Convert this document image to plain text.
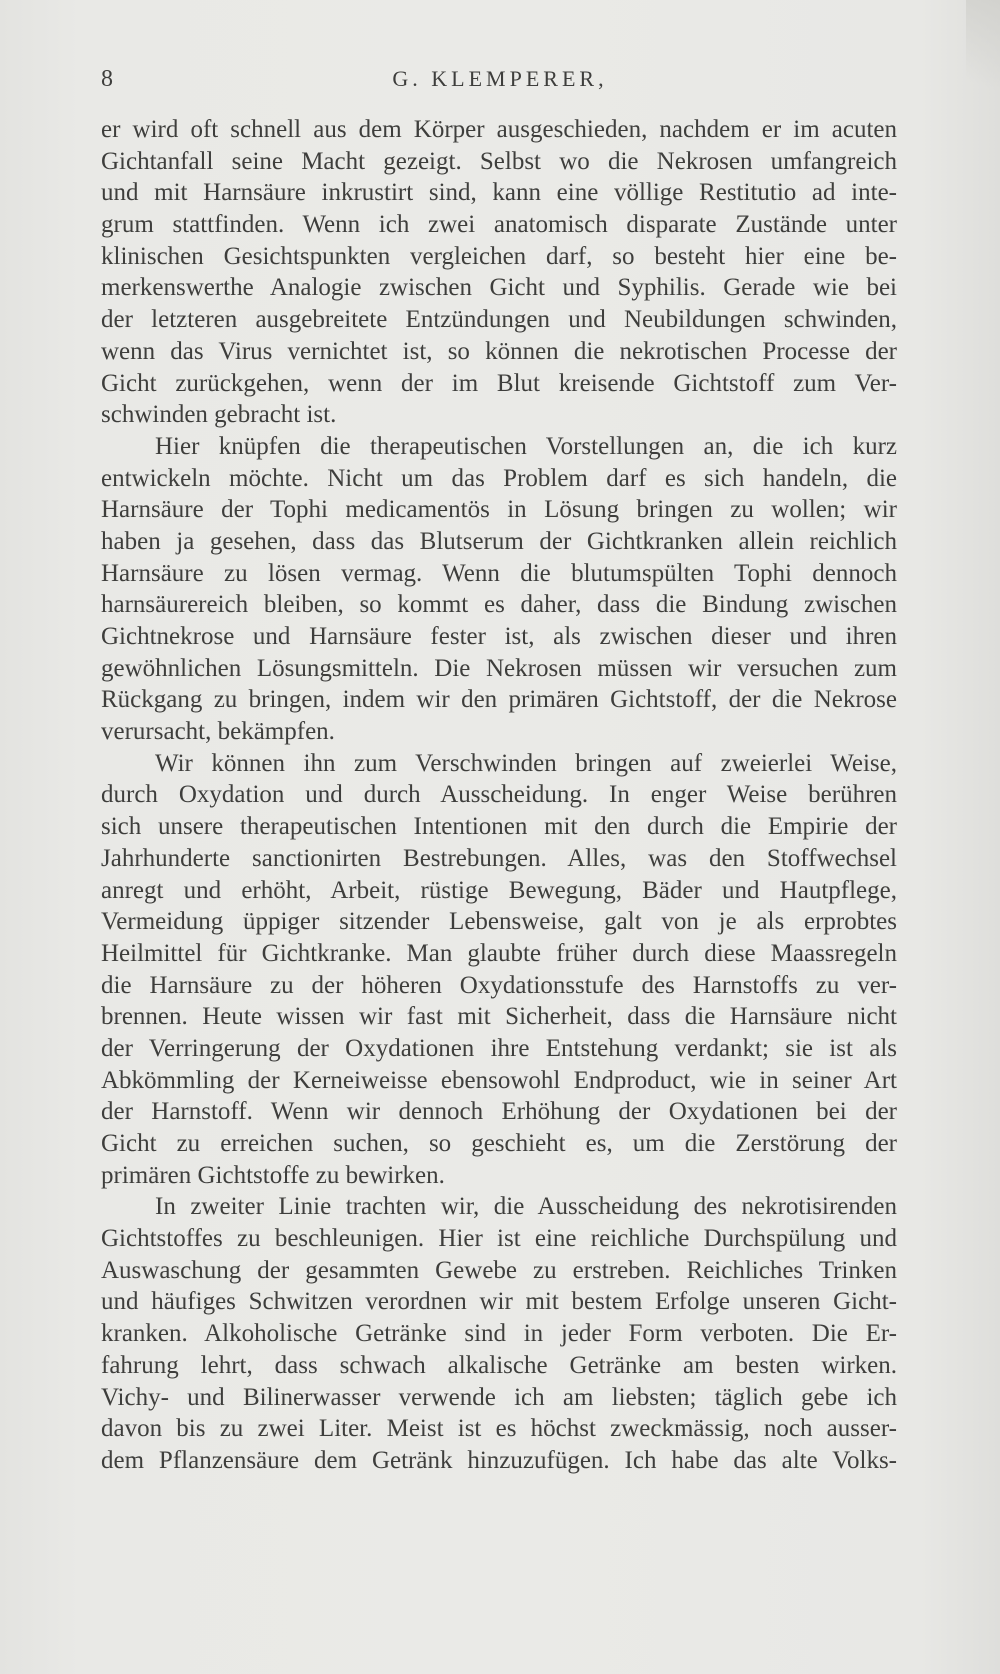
8	G. KLEMPERER,
er wird oft schnell aus dem Körper ausgeschieden, nachdem er im acuten
Gichtanfall seine Macht gezeigt. Selbst wo die Nekrosen umfangreich
und mit Harnsäure inkrustirt sind, kann eine völlige Restitutio ad inte-
grum stattfinden. Wenn ich zwei anatomisch disparate Zustände unter
klinischen Gesichtspunkten vergleichen darf, so besteht hier eine be-
merkenswerthe Analogie zwischen Gicht und Syphilis. Gerade wie bei
der letzteren ausgebreitete Entzündungen und Neubildungen schwinden,
wenn das Virus vernichtet ist, so können die nekrotischen Processe der
Gicht zurückgehen, wenn der im Blut kreisende Gichtstoff zum Ver-
schwinden gebracht ist.
Hier knüpfen die therapeutischen Vorstellungen an, die ich kurz
entwickeln möchte. Nicht um das Problem darf es sich handeln, die
Harnsäure der Tophi medicamentös in Lösung bringen zu wollen; wir
haben ja gesehen, dass das Blutserum der Gichtkranken allein reichlich
Harnsäure zu lösen vermag. Wenn die blutumspülten Tophi dennoch
harnsäurereich bleiben, so kommt es daher, dass die Bindung zwischen
Gichtnekrose und Harnsäure fester ist, als zwischen dieser und ihren
gewöhnlichen Lösungsmitteln. Die Nekrosen müssen wir versuchen zum
Rückgang zu bringen, indem wir den primären Gichtstoff, der die Nekrose
verursacht, bekämpfen.
Wir können ihn zum Verschwinden bringen auf zweierlei Weise,
durch Oxydation und durch Ausscheidung. In enger Weise berühren
sich unsere therapeutischen Intentionen mit den durch die Empirie der
Jahrhunderte sanctionirten Bestrebungen. Alles, was den Stoffwechsel
anregt und erhöht, Arbeit, rüstige Bewegung, Bäder und Hautpflege,
Vermeidung üppiger sitzender Lebensweise, galt von je als erprobtes
Heilmittel für Gichtkranke. Man glaubte früher durch diese Maassregeln
die Harnsäure zu der höheren Oxydationsstufe des Harnstoffs zu ver-
brennen. Heute wissen wir fast mit Sicherheit, dass die Harnsäure nicht
der Verringerung der Oxydationen ihre Entstehung verdankt; sie ist als
Abkömmling der Kerneiweisse ebensowohl Endproduct, wie in seiner Art
der Harnstoff. Wenn wir dennoch Erhöhung der Oxydationen bei der
Gicht zu erreichen suchen, so geschieht es, um die Zerstörung der
primären Gichtstoffe zu bewirken.
In zweiter Linie trachten wir, die Ausscheidung des nekrotisirenden
Gichtstoffes zu beschleunigen. Hier ist eine reichliche Durchspülung und
Auswaschung der gesammten Gewebe zu erstreben. Reichliches Trinken
und häufiges Schwitzen verordnen wir mit bestem Erfolge unseren Gicht-
kranken. Alkoholische Getränke sind in jeder Form verboten. Die Er-
fahrung lehrt, dass schwach alkalische Getränke am besten wirken.
Vichy- und Bilinerwasser verwende ich am liebsten; täglich gebe ich
davon bis zu zwei Liter. Meist ist es höchst zweckmässig, noch ausser-
dem Pflanzensäure dem Getränk hinzuzufügen. Ich habe das alte Volks-
